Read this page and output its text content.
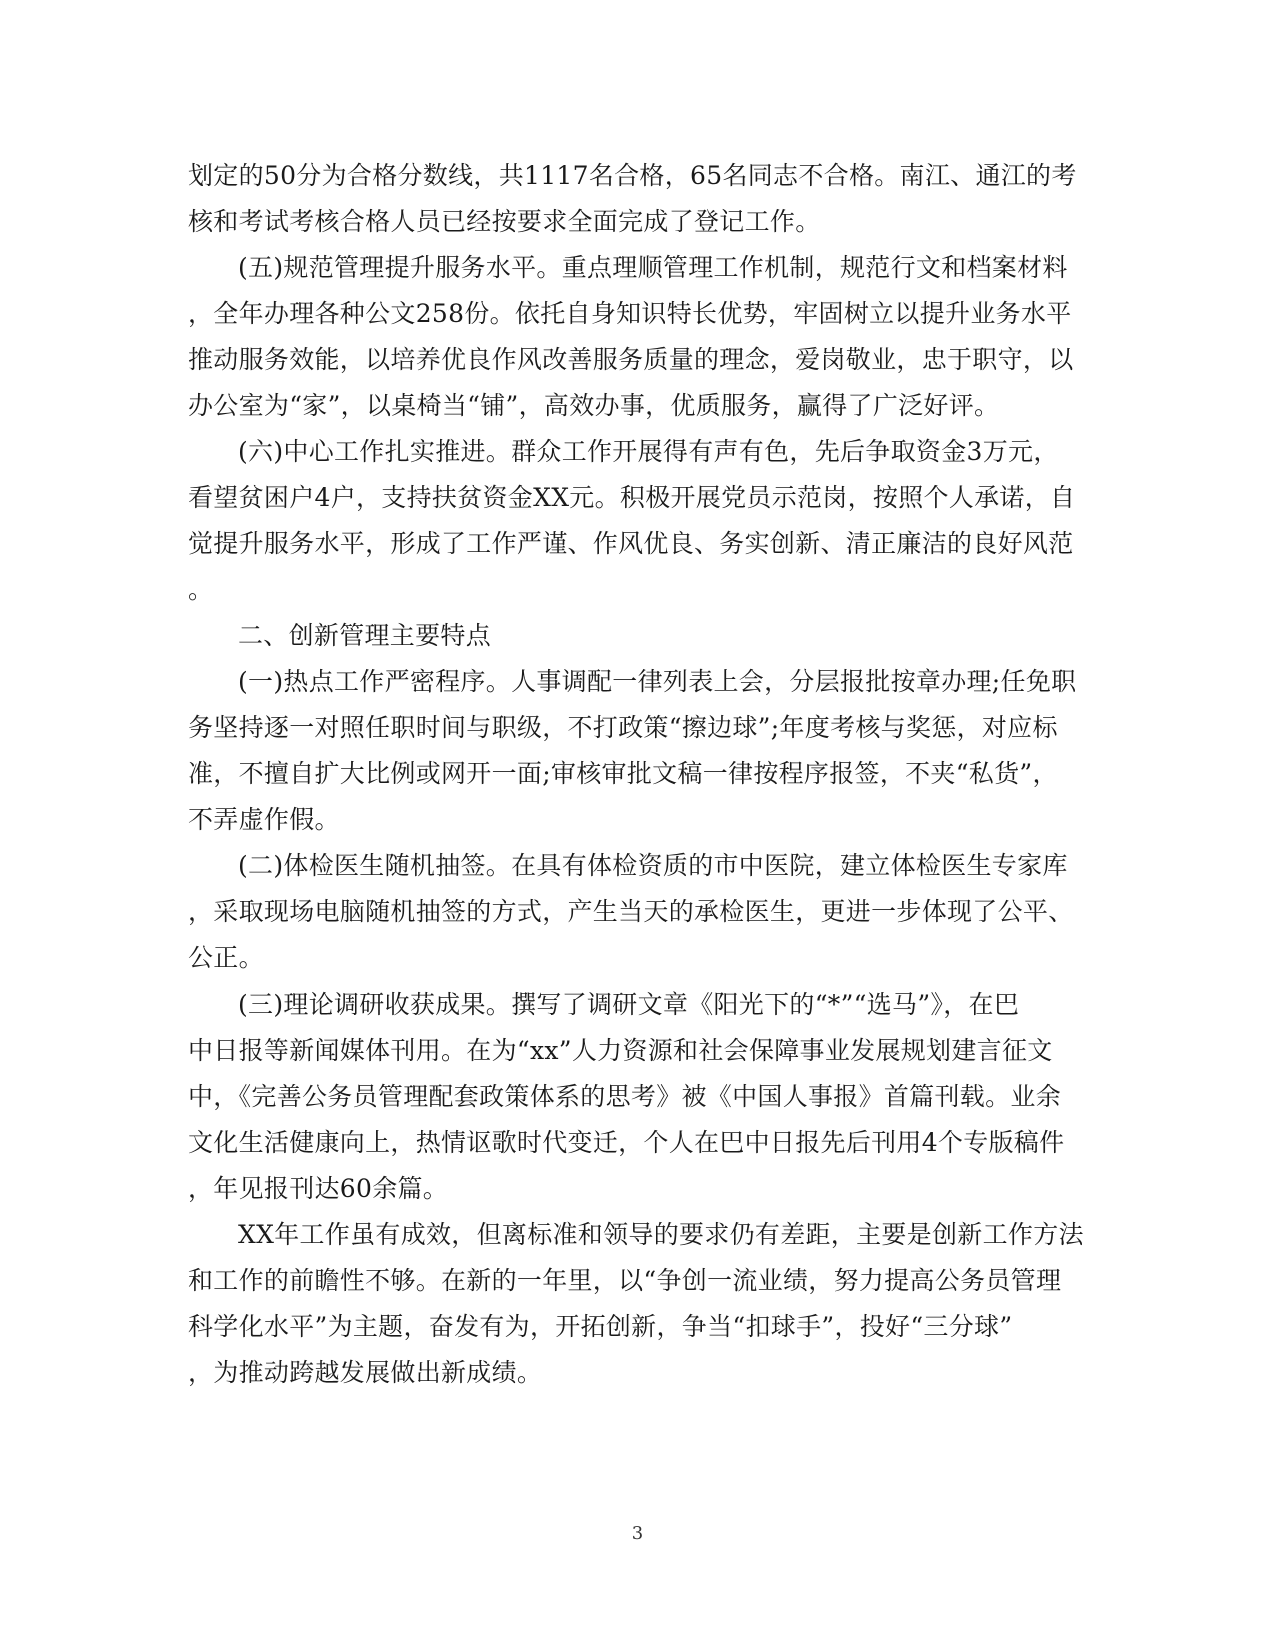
划定的50分为合格分数线，共1117名合格，65名同志不合格。南江、通江的考
核和考试考核合格人员已经按要求全面完成了登记工作。
(五)规范管理提升服务水平。重点理顺管理工作机制，规范行文和档案材料
，全年办理各种公文258份。依托自身知识特长优势，牢固树立以提升业务水平
推动服务效能，以培养优良作风改善服务质量的理念，爱岗敬业，忠于职守，以
办公室为“家”，以桌椅当“铺”，高效办事，优质服务，赢得了广泛好评。
(六)中心工作扎实推进。群众工作开展得有声有色，先后争取资金3万元，
看望贫困户4户，支持扶贫资金XX元。积极开展党员示范岗，按照个人承诺，自
觉提升服务水平，形成了工作严谨、作风优良、务实创新、清正廉洁的良好风范
。
二、创新管理主要特点
(一)热点工作严密程序。人事调配一律列表上会，分层报批按章办理;任免职
务坚持逐一对照任职时间与职级，不打政策“擦边球”;年度考核与奖惩，对应标
准，不擅自扩大比例或网开一面;审核审批文稿一律按程序报签，不夹“私货”，
不弄虚作假。
(二)体检医生随机抽签。在具有体检资质的市中医院，建立体检医生专家库
，采取现场电脑随机抽签的方式，产生当天的承检医生，更进一步体现了公平、
公正。
(三)理论调研收获成果。撰写了调研文章《阳光下的“*”“选马”》，在巴
中日报等新闻媒体刊用。在为“xx”人力资源和社会保障事业发展规划建言征文
中，《完善公务员管理配套政策体系的思考》被《中国人事报》首篇刊载。业余
文化生活健康向上，热情讴歌时代变迁，个人在巴中日报先后刊用4个专版稿件
，年见报刊达60余篇。
XX年工作虽有成效，但离标准和领导的要求仍有差距，主要是创新工作方法
和工作的前瞻性不够。在新的一年里，以“争创一流业绩，努力提高公务员管理
科学化水平”为主题，奋发有为，开拓创新，争当“扣球手”，投好“三分球”
，为推动跨越发展做出新成绩。
3
